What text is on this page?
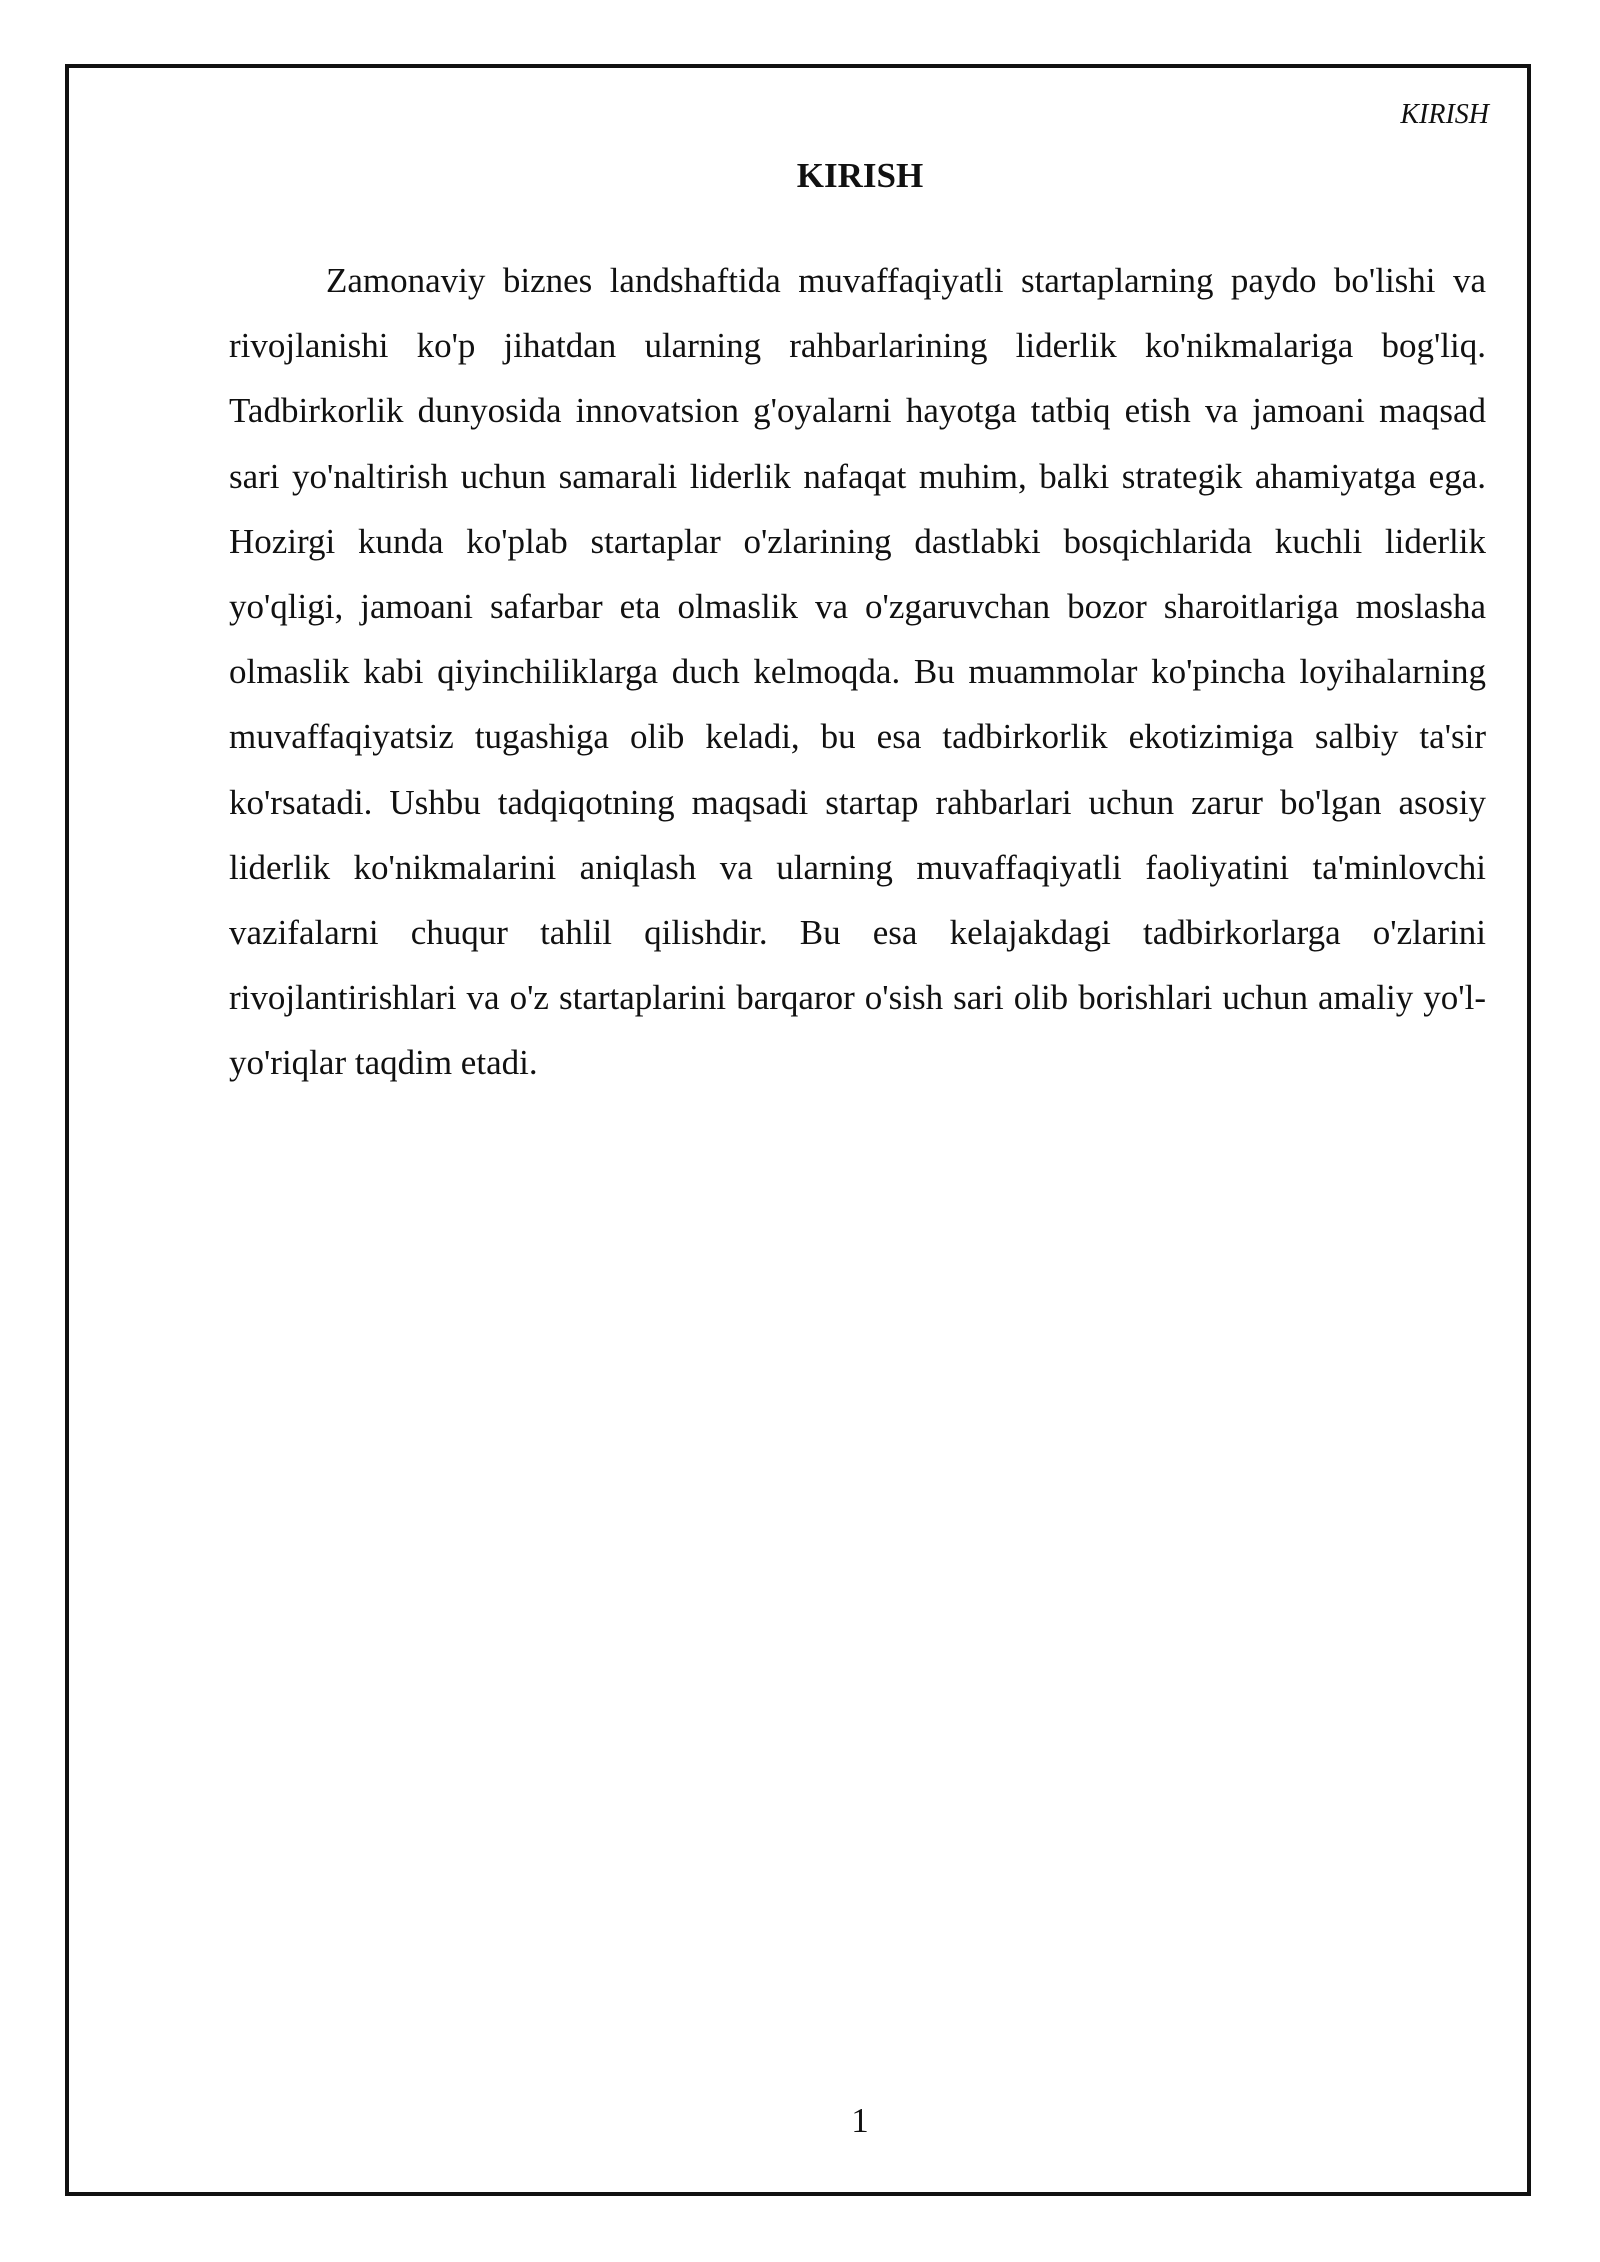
KIRISH
KIRISH

Zamonaviy biznes landshaftida muvaffaqiyatli startaplarning paydo bo'lishi va rivojlanishi ko'p jihatdan ularning rahbarlarining liderlik ko'nikmalariga bog'liq. Tadbirkorlik dunyosida innovatsion g'oyalarni hayotga tatbiq etish va jamoani maqsad sari yo'naltirish uchun samarali liderlik nafaqat muhim, balki strategik ahamiyatga ega. Hozirgi kunda ko'plab startaplar o'zlarining dastlabki bosqichlarida kuchli liderlik yo'qligi, jamoani safarbar eta olmaslik va o'zgaruvchan bozor sharoitlariga moslasha olmaslik kabi qiyinchiliklarga duch kelmoqda. Bu muammolar ko'pincha loyihalarning muvaffaqiyatsiz tugashiga olib keladi, bu esa tadbirkorlik ekotizimiga salbiy ta'sir ko'rsatadi. Ushbu tadqiqotning maqsadi startap rahbarlari uchun zarur bo'lgan asosiy liderlik ko'nikmalarini aniqlash va ularning muvaffaqiyatli faoliyatini ta'minlovchi vazifalarni chuqur tahlil qilishdir. Bu esa kelajakdagi tadbirkorlarga o'zlarini rivojlantirishlari va o'z startaplarini barqaror o'sish sari olib borishlari uchun amaliy yo'l-yo'riqlar taqdim etadi.

1
